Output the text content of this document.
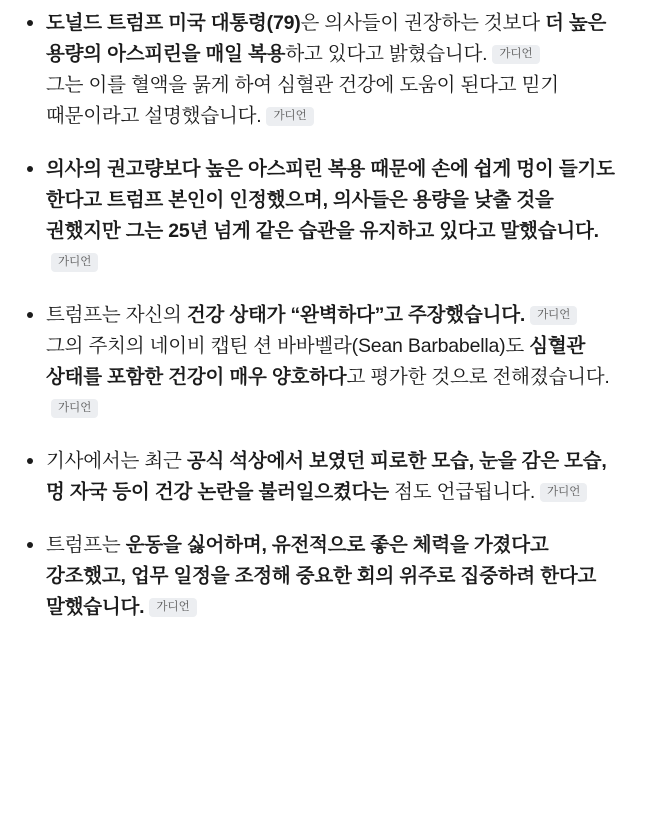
도널드 트럼프 미국 대통령(79)은 의사들이 권장하는 것보다 더 높은 용량의 아스피린을 매일 복용하고 있다고 밝혔습니다. 가디언
그는 이를 혈액을 묽게 하여 심혈관 건강에 도움이 된다고 믿기 때문이라고 설명했습니다. 가디언
의사의 권고량보다 높은 아스피린 복용 때문에 손에 쉽게 멍이 들기도 한다고 트럼프 본인이 인정했으며, 의사들은 용량을 낮출 것을 권했지만 그는 25년 넘게 같은 습관을 유지하고 있다고 말했습니다.가디언
트럼프는 자신의 건강 상태가 “완벽하다”고 주장했습니다. 가디언
그의 주치의 네이비 캡틴 션 바바벨라(Sean Barbabella)도 심혈관 상태를 포함한 건강이 매우 양호하다고 평가한 것으로 전해졌습니다.가디언
기사에서는 최근 공식 석상에서 보였던 피로한 모습, 눈을 감은 모습, 멍 자국 등이 건강 논란을 불러일으켰다는 점도 언급됩니다. 가디언
트럼프는 운동을 싫어하며, 유전적으로 좋은 체력을 가졌다고 강조했고, 업무 일정을 조정해 중요한 회의 위주로 집중하려 한다고 말했습니다. 가디언
